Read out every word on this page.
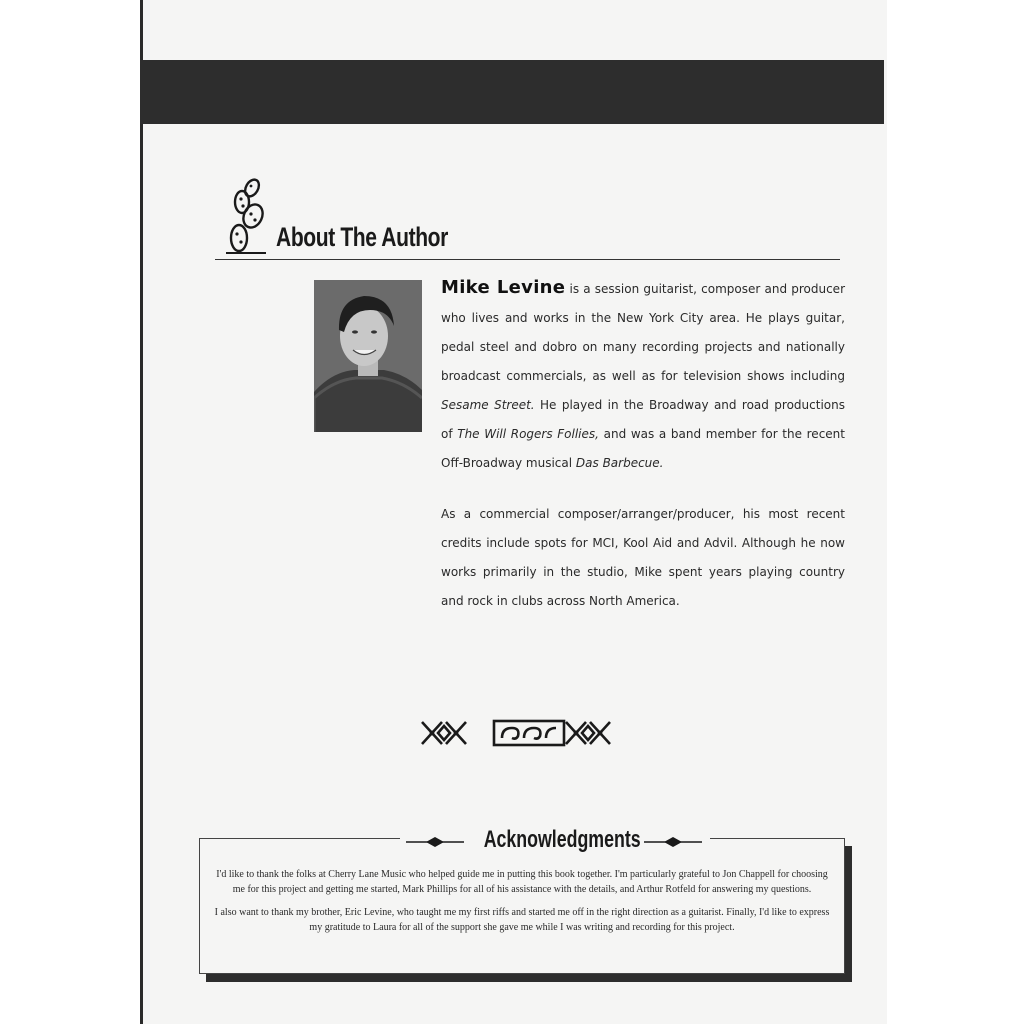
About The Author

Mike Levine is a session guitarist, composer and producer who lives and works in the New York City area. He plays guitar, pedal steel and dobro on many recording projects and nationally broadcast commercials, as well as for television shows including Sesame Street. He played in the Broadway and road productions of The Will Rogers Follies, and was a band member for the recent Off-Broadway musical Das Barbecue.

As a commercial composer/arranger/producer, his most recent credits include spots for MCI, Kool Aid and Advil. Although he now works primarily in the studio, Mike spent years playing country and rock in clubs across North America.

Acknowledgments

I'd like to thank the folks at Cherry Lane Music who helped guide me in putting this book together. I'm particularly grateful to Jon Chappell for choosing me for this project and getting me started, Mark Phillips for all of his assistance with the details, and Arthur Rotfeld for answering my questions.

I also want to thank my brother, Eric Levine, who taught me my first riffs and started me off in the right direction as a guitarist. Finally, I'd like to express my gratitude to Laura for all of the support she gave me while I was writing and recording for this project.
